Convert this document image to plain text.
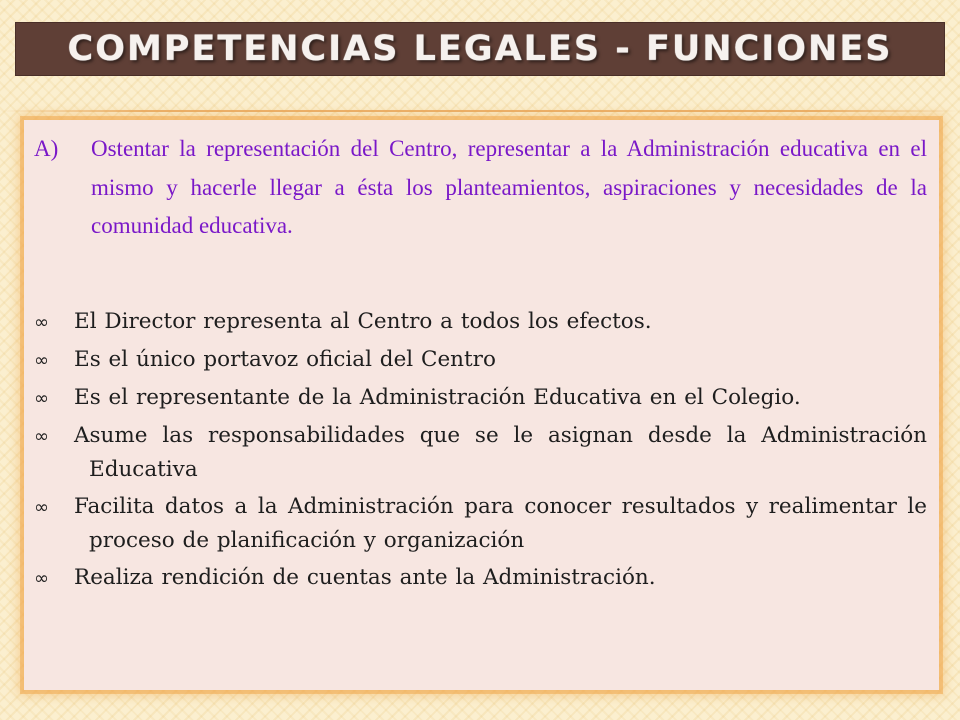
COMPETENCIAS LEGALES - FUNCIONES
A) Ostentar la representación del Centro, representar a la Administración educativa en el mismo y hacerle llegar a ésta los planteamientos, aspiraciones y necesidades de la comunidad educativa.
∞ El Director representa al Centro a todos los efectos.
∞ Es el único portavoz oficial del Centro
∞ Es el representante de la Administración Educativa en el Colegio.
∞ Asume las responsabilidades que se le asignan desde la Administración Educativa
∞ Facilita datos a la Administración para conocer resultados y realimentar le proceso de planificación y organización
∞ Realiza rendición de cuentas ante la Administración.
